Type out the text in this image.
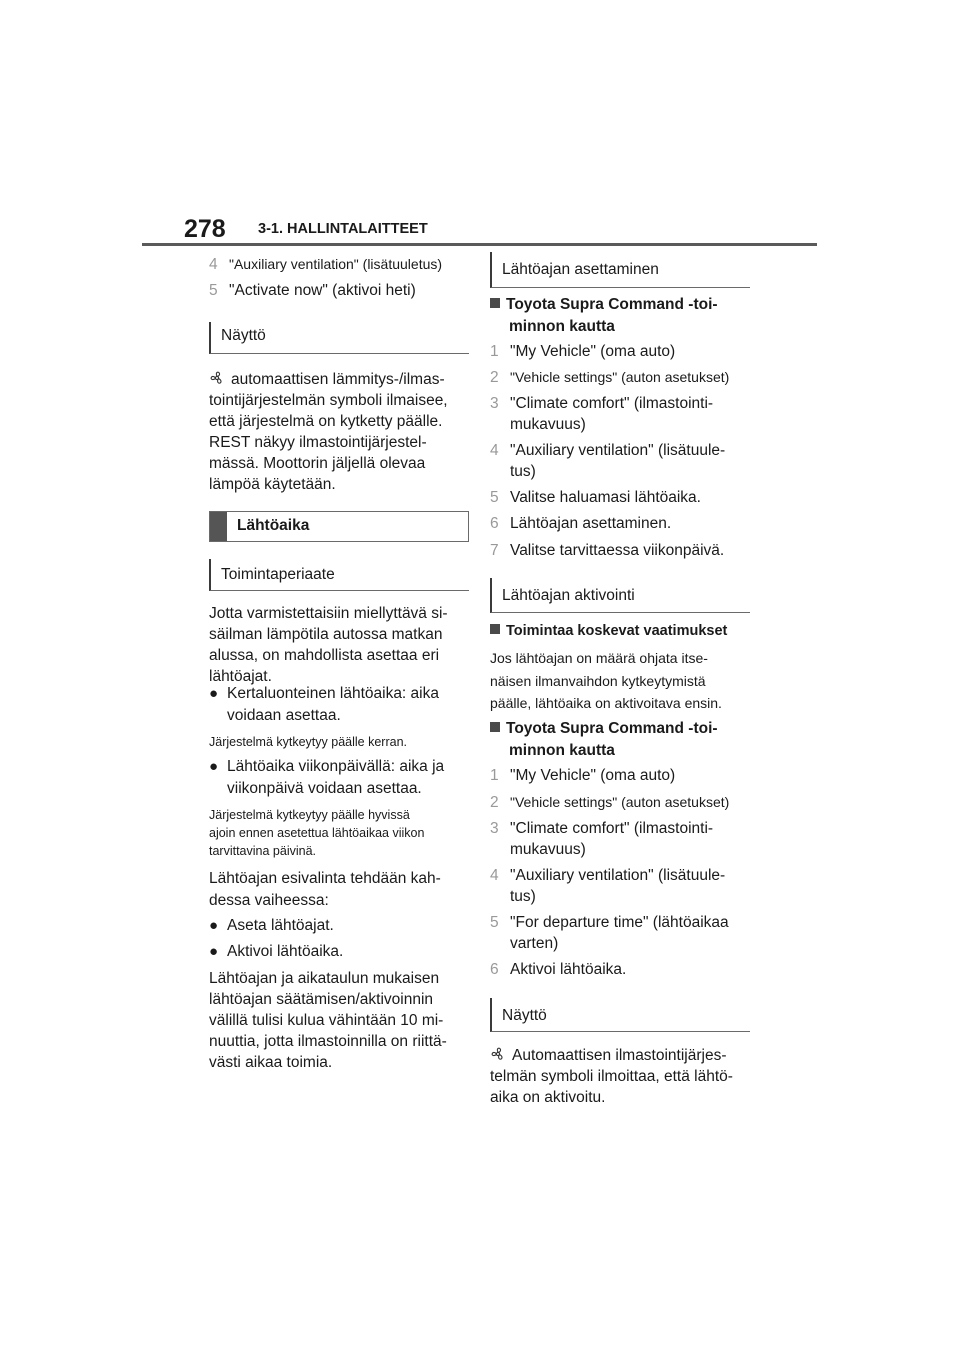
278 3-1. HALLINTALAITTEET
4 "Auxiliary ventilation" (lisätuuletus)
5 "Activate now" (aktivoi heti)
Näyttö
automaattisen lämmitys-/ilmas-
tointijärjestelmän symboli ilmaisee,
että järjestelmä on kytketty päälle.
REST näkyy ilmastointijärjestel-
mässä. Moottorin jäljellä olevaa
lämpöä käytetään.
Lähtöaika
Toimintaperiaate
Jotta varmistettaisiin miellyttävä si-
säilman lämpötila autossa matkan
alussa, on mahdollista asettaa eri
lähtöajat.
● Kertaluonteinen lähtöaika: aika
voidaan asettaa.
Järjestelmä kytkeytyy päälle kerran.
● Lähtöaika viikonpäivällä: aika ja
viikonpäivä voidaan asettaa.
Järjestelmä kytkeytyy päälle hyvissä
ajoin ennen asetettua lähtöaikaa viikon
tarvittavina päivinä.
Lähtöajan esivalinta tehdään kah-
dessa vaiheessa:
● Aseta lähtöajat.
● Aktivoi lähtöaika.
Lähtöajan ja aikataulun mukaisen
lähtöajan säätämisen/aktivoinnin
välillä tulisi kulua vähintään 10 mi-
nuuttia, jotta ilmastoinnilla on riittä-
västi aikaa toimia.
Lähtöajan asettaminen
Toyota Supra Command -toi-
minnon kautta
1 "My Vehicle" (oma auto)
2 "Vehicle settings" (auton asetukset)
3 "Climate comfort" (ilmastointi-
mukavuus)
4 "Auxiliary ventilation" (lisätuule-
tus)
5 Valitse haluamasi lähtöaika.
6 Lähtöajan asettaminen.
7 Valitse tarvittaessa viikonpäivä.
Lähtöajan aktivointi
Toimintaa koskevat vaatimukset
Jos lähtöajan on määrä ohjata itse-
näisen ilmanvaihdon kytkeytymistä
päälle, lähtöaika on aktivoitava ensin.
Toyota Supra Command -toi-
minnon kautta
1 "My Vehicle" (oma auto)
2 "Vehicle settings" (auton asetukset)
3 "Climate comfort" (ilmastointi-
mukavuus)
4 "Auxiliary ventilation" (lisätuule-
tus)
5 "For departure time" (lähtöaikaa
varten)
6 Aktivoi lähtöaika.
Näyttö
Automaattisen ilmastointijärjes-
telmän symboli ilmoittaa, että lähtö-
aika on aktivoitu.
